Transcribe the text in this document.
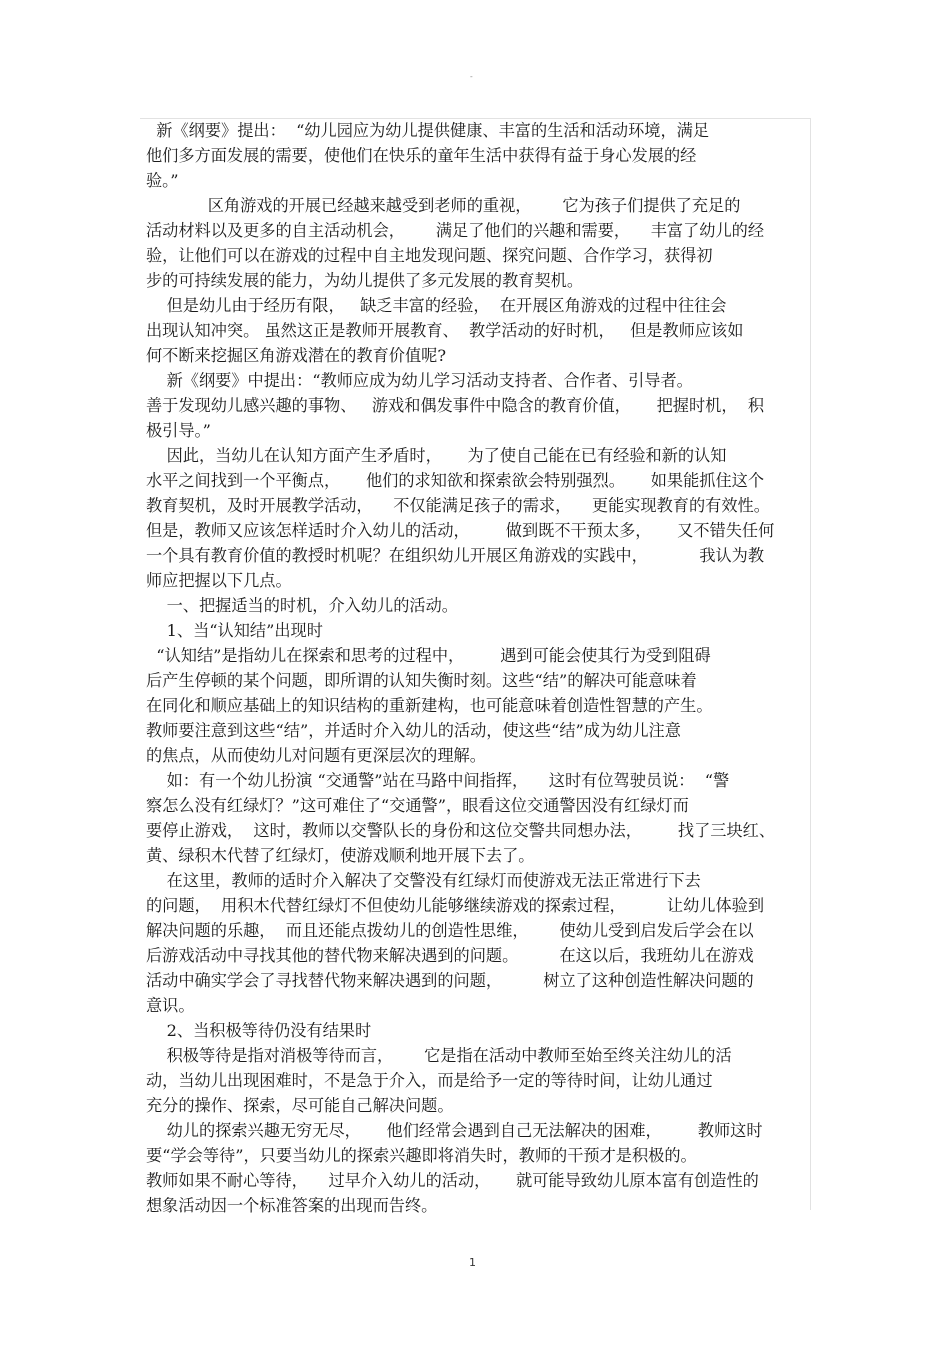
-
新《纲要》提出：  “幼儿园应为幼儿提供健康、丰富的生活和活动环境，满足
他们多方面发展的需要，使他们在快乐的童年生活中获得有益于身心发展的经
验。”
区角游戏的开展已经越来越受到老师的重视，      它为孩子们提供了充足的
活动材料以及更多的自主活动机会，      满足了他们的兴趣和需要，    丰富了幼儿的经
验，让他们可以在游戏的过程中自主地发现问题、探究问题、合作学习，获得初
步的可持续发展的能力，为幼儿提供了多元发展的教育契机。
但是幼儿由于经历有限，   缺乏丰富的经验，  在开展区角游戏的过程中往往会
出现认知冲突。 虽然这正是教师开展教育、  教学活动的好时机，   但是教师应该如
何不断来挖掘区角游戏潜在的教育价值呢?
新《纲要》中提出：“教师应成为幼儿学习活动支持者、合作者、引导者。
善于发现幼儿感兴趣的事物、   游戏和偶发事件中隐含的教育价值，     把握时机，  积
极引导。”
因此，当幼儿在认知方面产生矛盾时，     为了使自己能在已有经验和新的认知
水平之间找到一个平衡点，     他们的求知欲和探索欲会特别强烈。     如果能抓住这个
教育契机，及时开展教学活动，    不仅能满足孩子的需求，    更能实现教育的有效性。
但是，教师又应该怎样适时介入幼儿的活动，       做到既不干预太多，     又不错失任何
一个具有教育价值的教授时机呢？在组织幼儿开展区角游戏的实践中，          我认为教
师应把握以下几点。
一、把握适当的时机，介入幼儿的活动。
1、当“认知结”出现时
“认知结”是指幼儿在探索和思考的过程中，       遇到可能会使其行为受到阻碍
后产生停顿的某个问题，即所谓的认知失衡时刻。这些“结”的解决可能意味着
在同化和顺应基础上的知识结构的重新建构，也可能意味着创造性智慧的产生。
教师要注意到这些“结”，并适时介入幼儿的活动，使这些“结”成为幼儿注意
的焦点，从而使幼儿对问题有更深层次的理解。
如：有一个幼儿扮演 “交通警”站在马路中间指挥，    这时有位驾驶员说：  “警
察怎么没有红绿灯？”这可难住了“交通警”，眼看这位交通警因没有红绿灯而
要停止游戏，  这时，教师以交警队长的身份和这位交警共同想办法，       找了三块红、
黄、绿积木代替了红绿灯，使游戏顺利地开展下去了。
在这里，教师的适时介入解决了交警没有红绿灯而使游戏无法正常进行下去
的问题，  用积木代替红绿灯不但使幼儿能够继续游戏的探索过程，        让幼儿体验到
解决问题的乐趣，  而且还能点拨幼儿的创造性思维，      使幼儿受到启发后学会在以
后游戏活动中寻找其他的替代物来解决遇到的问题。        在这以后，我班幼儿在游戏
活动中确实学会了寻找替代物来解决遇到的问题，        树立了这种创造性解决问题的
意识。
2、当积极等待仍没有结果时
积极等待是指对消极等待而言，      它是指在活动中教师至始至终关注幼儿的活
动，当幼儿出现困难时，不是急于介入，而是给予一定的等待时间，让幼儿通过
充分的操作、探索，尽可能自己解决问题。
幼儿的探索兴趣无穷无尽，     他们经常会遇到自己无法解决的困难，       教师这时
要“学会等待”，只要当幼儿的探索兴趣即将消失时，教师的干预才是积极的。
教师如果不耐心等待，    过早介入幼儿的活动，     就可能导致幼儿原本富有创造性的
想象活动因一个标准答案的出现而告终。
1
